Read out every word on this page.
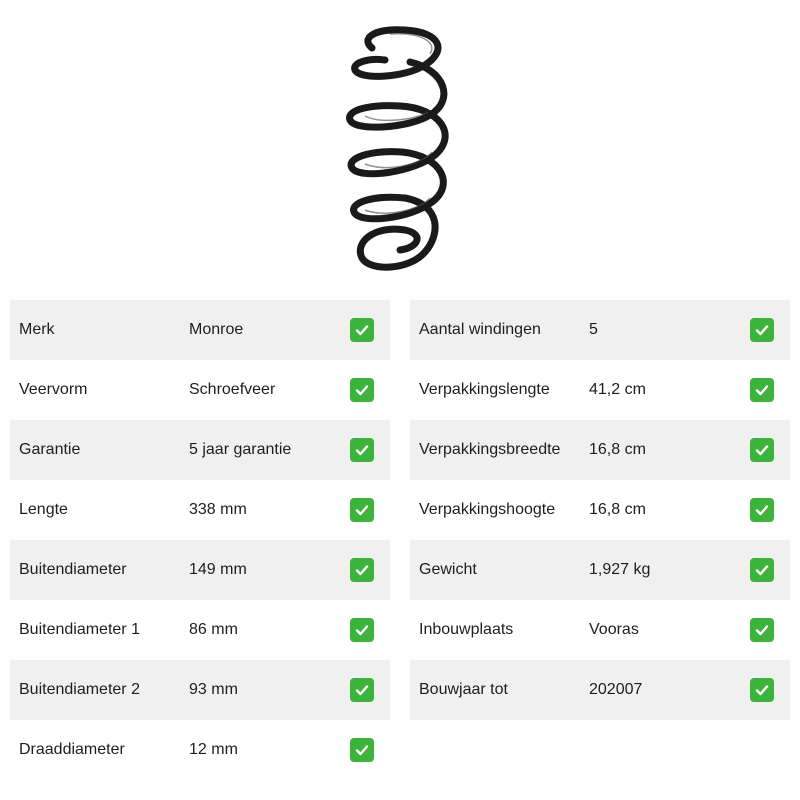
Merk	Monroe
Veervorm	Schroefveer
Garantie	5 jaar garantie
Lengte	338 mm
Buitendiameter	149 mm
Buitendiameter 1	86 mm
Buitendiameter 2	93 mm
Draaddiameter	12 mm
Aantal windingen	5
Verpakkingslengte 41,2 cm
Verpakkingsbreedte 16,8 cm
Verpakkingshoogte 16,8 cm
Gewicht	1,927 kg
Inbouwplaats	Vooras
Bouwjaar tot	202007
